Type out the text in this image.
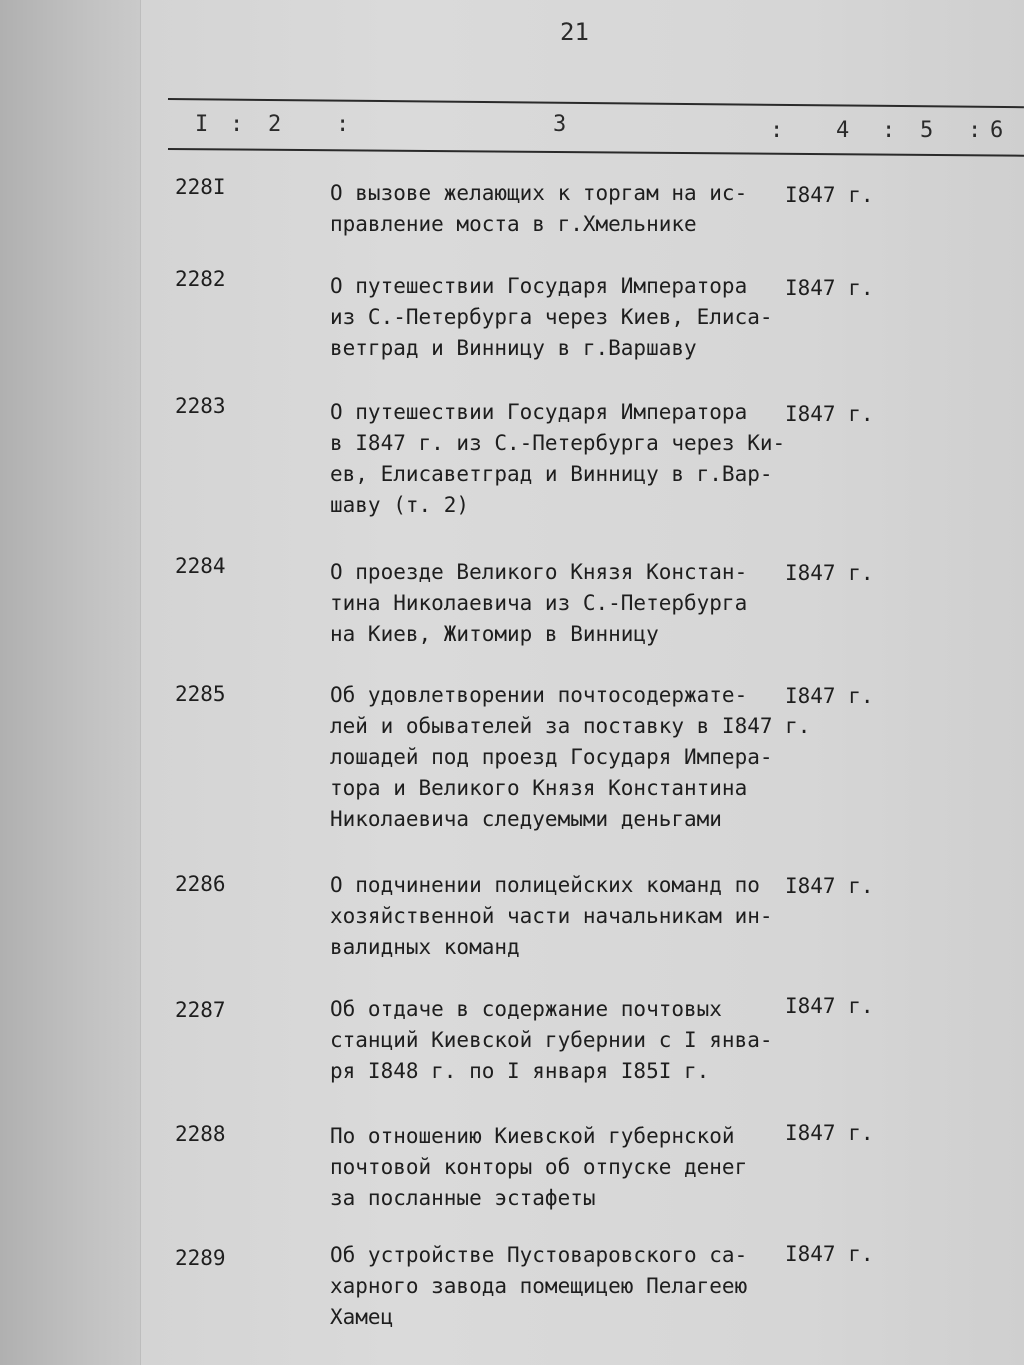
21
I : 2 :	3	: 4 : 5 : 6
228I	О вызове желающих к торгам на ис-
правление моста в г.Хмельнике
I847 г.
2282	О путешествии Государя Императора
из С.-Петербурга через Киев, Елиса-
ветград и Винницу в г.Варшаву
I847 г.
2283	О путешествии Государя Императора
в I847 г. из С.-Петербурга через Ки-
ев, Елисаветград и Винницу в г.Вар-
шаву (т. 2)
I847 г.
2284	О проезде Великого Князя Констан-
тина Николаевича из С.-Петербурга
на Киев, Житомир в Винницу
I847 г.
2285	Об удовлетворении почтосодержате-
лей и обывателей за поставку в I847 г.
лошадей под проезд Государя Импера-
тора и Великого Князя Константина
Николаевича следуемыми деньгами
I847 г.
2286	О подчинении полицейских команд по
хозяйственной части начальникам ин-
валидных команд
I847 г.
2287	Об отдаче в содержание почтовых
станций Киевской губернии с I янва-
ря I848 г. по I января I85I г.
I847 г.
2288	По отношению Киевской губернской
почтовой конторы об отпуске денег
за посланные эстафеты
I847 г.
2289	Об устройстве Пустоваровского са-
харного завода помещицею Пелагеею
Хамец
I847 г.
